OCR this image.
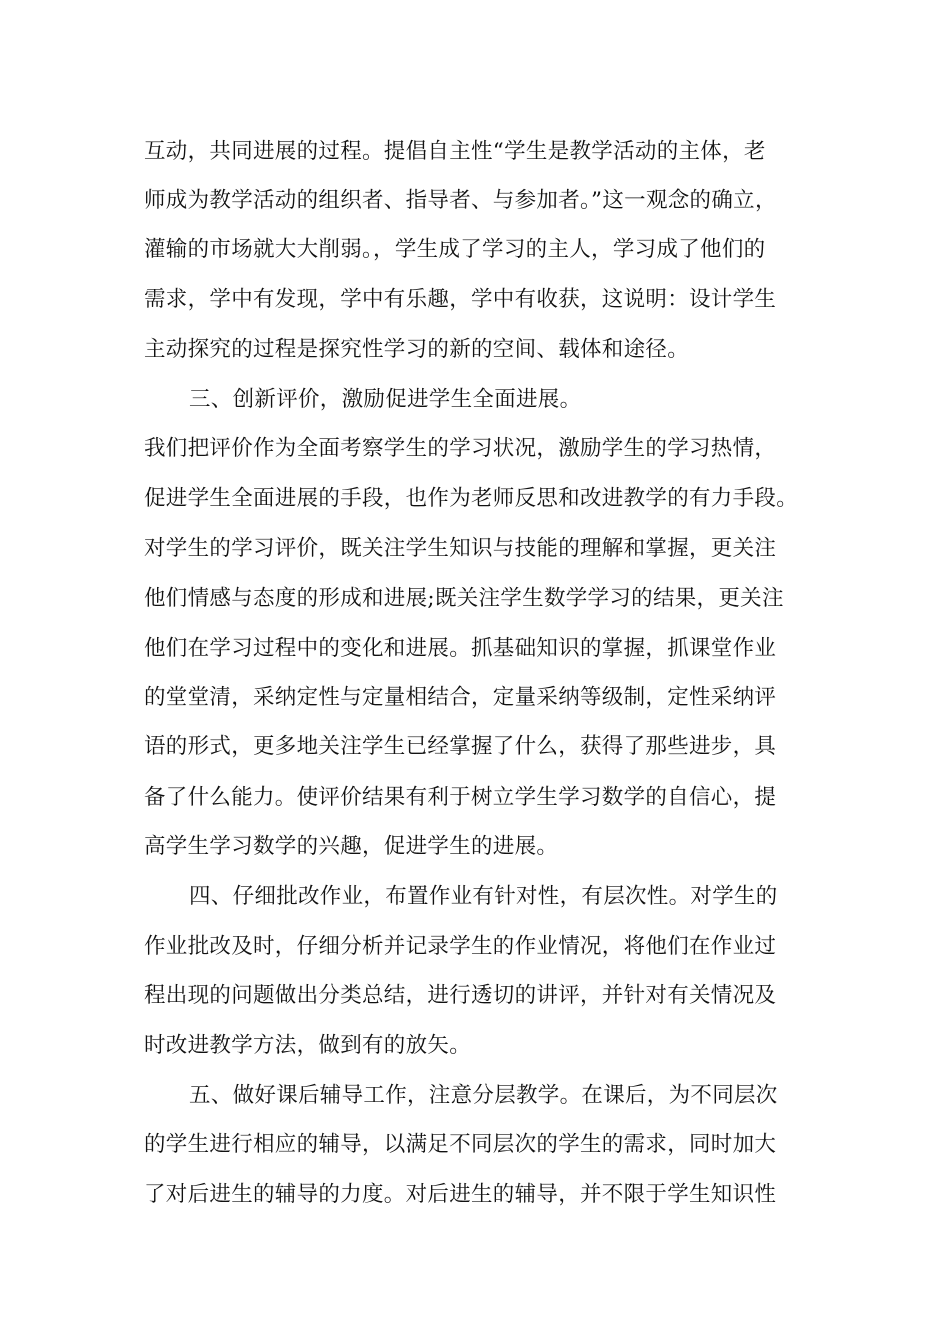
互动，共同进展的过程。提倡自主性“学生是教学活动的主体，老
师成为教学活动的组织者、指导者、与参加者。”这一观念的确立，
灌输的市场就大大削弱。，学生成了学习的主人，学习成了他们的
需求，学中有发现，学中有乐趣，学中有收获，这说明：设计学生
主动探究的过程是探究性学习的新的空间、载体和途径。
三、创新评价，激励促进学生全面进展。
我们把评价作为全面考察学生的学习状况，激励学生的学习热情，
促进学生全面进展的手段，也作为老师反思和改进教学的有力手段。
对学生的学习评价，既关注学生知识与技能的理解和掌握，更关注
他们情感与态度的形成和进展;既关注学生数学学习的结果，更关注
他们在学习过程中的变化和进展。抓基础知识的掌握，抓课堂作业
的堂堂清，采纳定性与定量相结合，定量采纳等级制，定性采纳评
语的形式，更多地关注学生已经掌握了什么，获得了那些进步，具
备了什么能力。使评价结果有利于树立学生学习数学的自信心，提
高学生学习数学的兴趣，促进学生的进展。
四、仔细批改作业，布置作业有针对性，有层次性。对学生的
作业批改及时，仔细分析并记录学生的作业情况，将他们在作业过
程出现的问题做出分类总结，进行透切的讲评，并针对有关情况及
时改进教学方法，做到有的放矢。
五、做好课后辅导工作，注意分层教学。在课后，为不同层次
的学生进行相应的辅导，以满足不同层次的学生的需求，同时加大
了对后进生的辅导的力度。对后进生的辅导，并不限于学生知识性
